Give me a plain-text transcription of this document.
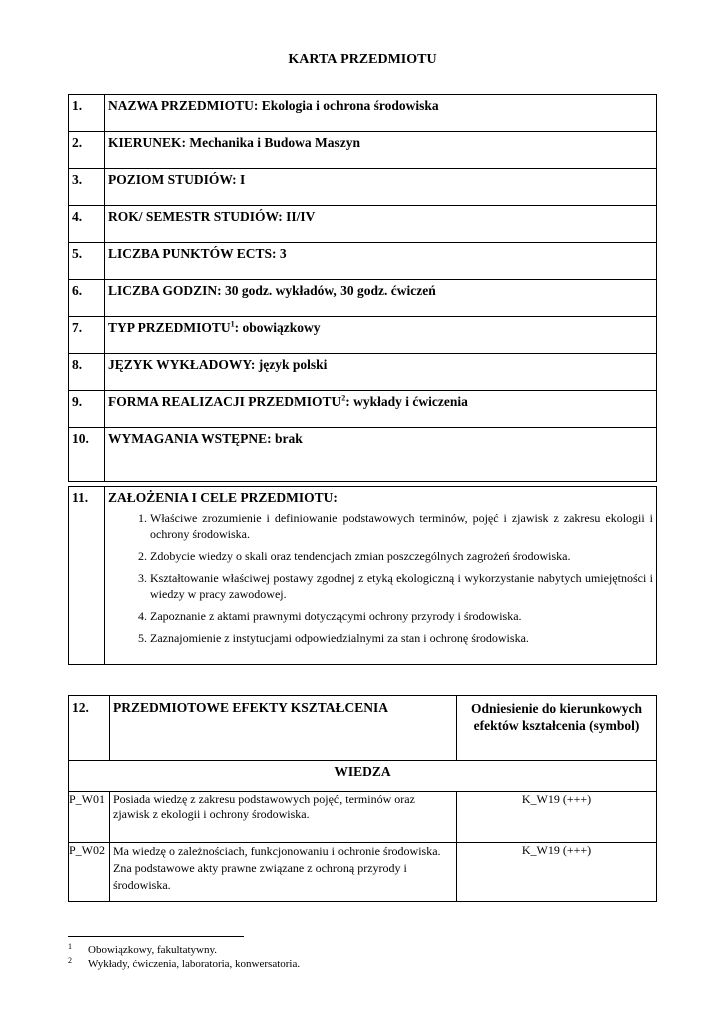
KARTA PRZEDMIOTU
1.	NAZWA PRZEDMIOTU: Ekologia i ochrona środowiska
2.	KIERUNEK: Mechanika i Budowa Maszyn
3.	POZIOM STUDIÓW: I
4.	ROK/ SEMESTR STUDIÓW: II/IV
5.	LICZBA PUNKTÓW ECTS: 3
6.	LICZBA GODZIN: 30 godz. wykładów, 30 godz. ćwiczeń
7.	TYP PRZEDMIOTU$^1$: obowiązkowy
8.	JĘZYK WYKŁADOWY: język polski
9.	FORMA REALIZACJI PRZEDMIOTU$^2$: wykłady i ćwiczenia
10.	WYMAGANIA WSTĘPNE: brak
11.	ZAŁOŻENIA I CELE PRZEDMIOTU:
1. Właściwe zrozumienie i definiowanie podstawowych terminów, pojęć i zjawisk z zakresu ekologii i ochrony środowiska.
2. Zdobycie wiedzy o skali oraz tendencjach zmian poszczególnych zagrożeń środowiska.
3. Kształtowanie właściwej postawy zgodnej z etyką ekologiczną i wykorzystanie nabytych umiejętności i wiedzy w pracy zawodowej.
4. Zapoznanie z aktami prawnymi dotyczącymi ochrony przyrody i środowiska.
5. Zaznajomienie z instytucjami odpowiedzialnymi za stan i ochronę środowiska.
12.	PRZEDMIOTOWE EFEKTY KSZTAŁCENIA	Odniesienie do kierunkowych efektów kształcenia (symbol)
WIEDZA		
P_W01	Posiada wiedzę z zakresu podstawowych pojęć, terminów oraz zjawisk z ekologii i ochrony środowiska.	K_W19 (+++)
P_W02	Ma wiedzę o zależnościach, funkcjonowaniu i ochronie środowiska. Zna podstawowe akty prawne związane z ochroną przyrody i środowiska.	K_W19 (+++)
1 Obowiązkowy, fakultatywny.
2 Wykłady, ćwiczenia, laboratoria, konwersatoria.
